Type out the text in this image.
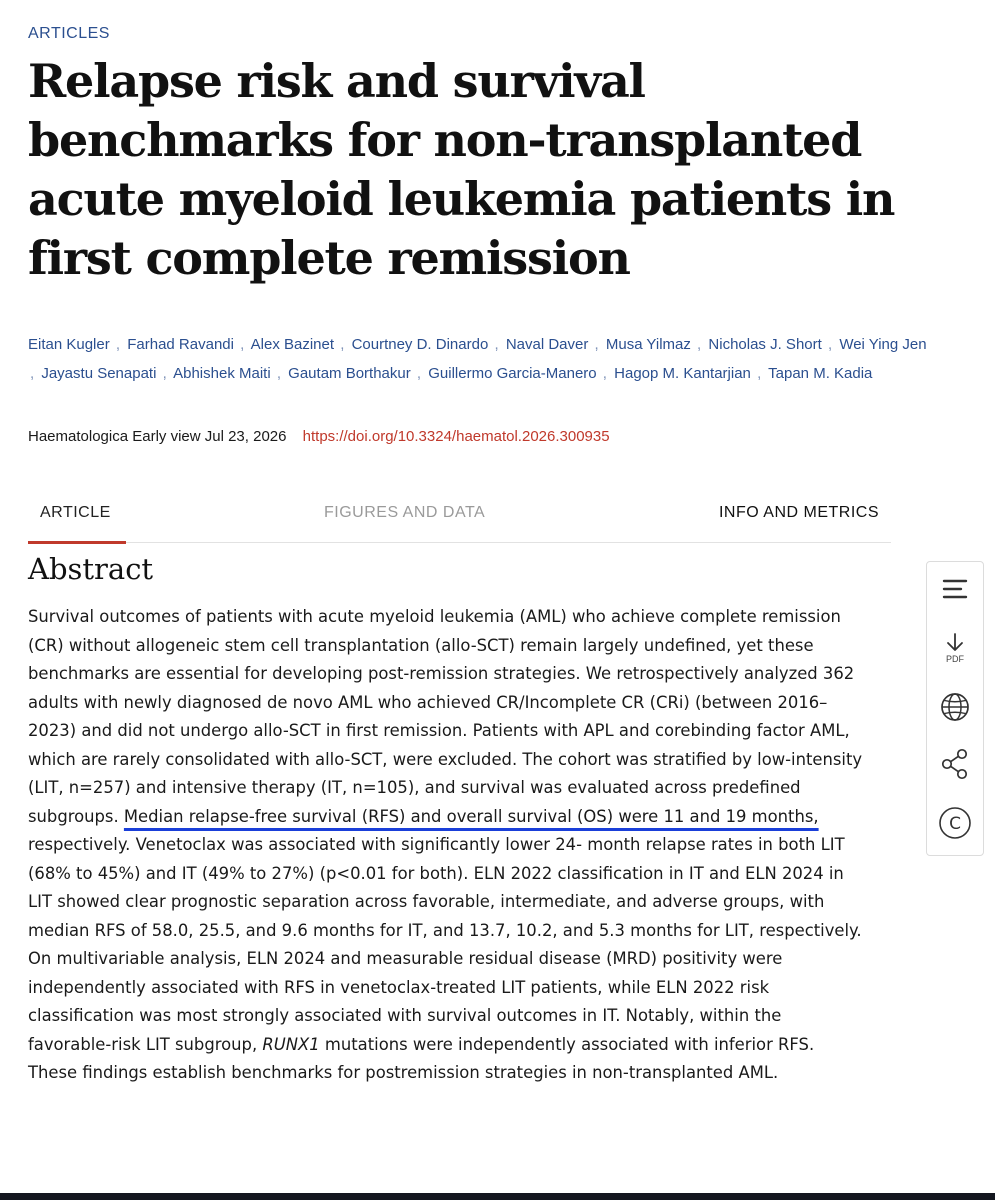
ARTICLES
Relapse risk and survival benchmarks for non-transplanted acute myeloid leukemia patients in first complete remission
Eitan Kugler , Farhad Ravandi , Alex Bazinet , Courtney D. Dinardo , Naval Daver , Musa Yilmaz , Nicholas J. Short , Wei Ying Jen , Jayastu Senapati , Abhishek Maiti , Gautam Borthakur , Guillermo Garcia-Manero , Hagop M. Kantarjian , Tapan M. Kadia
Haematologica Early view Jul 23, 2026 https://doi.org/10.3324/haematol.2026.300935
ARTICLE	FIGURES AND DATA	INFO AND METRICS
Abstract

Survival outcomes of patients with acute myeloid leukemia (AML) who achieve complete remission (CR) without allogeneic stem cell transplantation (allo-SCT) remain largely undefined, yet these benchmarks are essential for developing post-remission strategies. We retrospectively analyzed 362 adults with newly diagnosed de novo AML who achieved CR/Incomplete CR (CRi) (between 2016–2023) and did not undergo allo-SCT in first remission. Patients with APL and corebinding factor AML, which are rarely consolidated with allo-SCT, were excluded. The cohort was stratified by low-intensity (LIT, n=257) and intensive therapy (IT, n=105), and survival was evaluated across predefined subgroups. Median relapse-free survival (RFS) and overall survival (OS) were 11 and 19 months, respectively. Venetoclax was associated with significantly lower 24- month relapse rates in both LIT (68% to 45%) and IT (49% to 27%) (p<0.01 for both). ELN 2022 classification in IT and ELN 2024 in LIT showed clear prognostic separation across favorable, intermediate, and adverse groups, with median RFS of 58.0, 25.5, and 9.6 months for IT, and 13.7, 10.2, and 5.3 months for LIT, respectively. On multivariable analysis, ELN 2024 and measurable residual disease (MRD) positivity were independently associated with RFS in venetoclax-treated LIT patients, while ELN 2022 risk classification was most strongly associated with survival outcomes in IT. Notably, within the favorable-risk LIT subgroup, RUNX1 mutations were independently associated with inferior RFS. These findings establish benchmarks for postremission strategies in non-transplanted AML.

PDF
C
